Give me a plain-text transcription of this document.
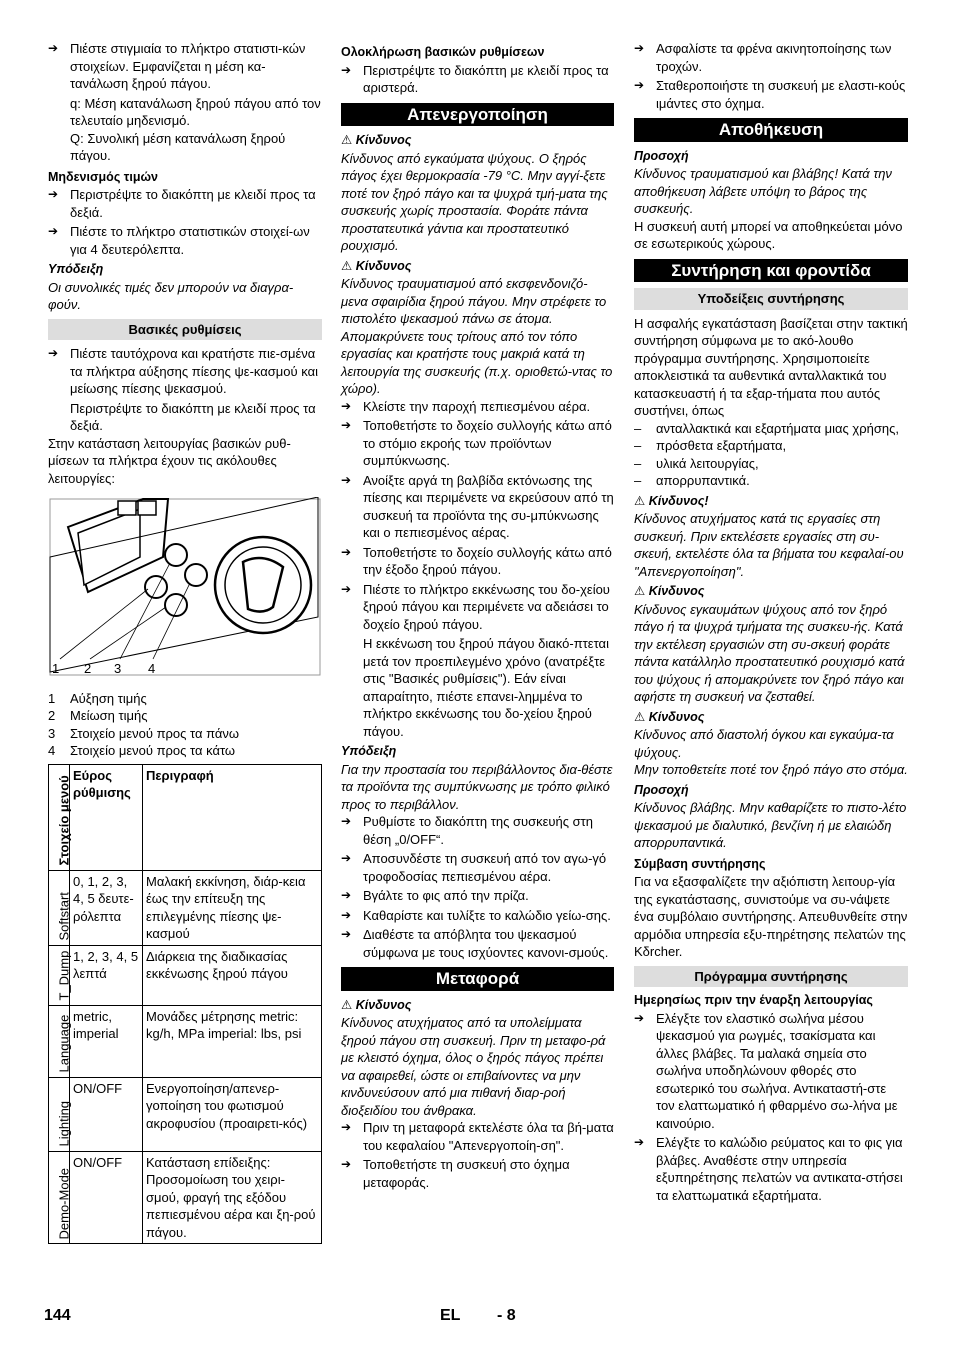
➔ Πιέστε στιγμιαία το πλήκτρο στατιστι-κών στοιχείων. Εμφανίζεται η μέση κα-τανάλωση ξηρού πάγου.

q: Μέση κατανάλωση ξηρού πάγου από τον τελευταίο μηδενισμό.

Q: Συνολική μέση κατανάλωση ξηρού πάγου.

Μηδενισμός τιμών

➔ Περιστρέψτε το διακόπτη με κλειδί προς τα δεξιά.

➔ Πιέστε το πλήκτρο στατιστικών στοιχεί-ων για 4 δευτερόλεπτα.

Υπόδειξη

Οι συνολικές τιμές δεν μπορούν να διαγρα-φούν.

Βασικές ρυθμίσεις
➔ Πιέστε ταυτόχρονα και κρατήστε πιε-σμένα τα πλήκτρα αύξησης πίεσης ψε-κασμού και μείωσης πίεσης ψεκασμού.

Περιστρέψτε το διακόπτη με κλειδί προς τα δεξιά.

Στην κατάσταση λειτουργίας βασικών ρυθ-μίσεων τα πλήκτρα έχουν τις ακόλουθες λειτουργίες:

1 2 3 4
1	Αύξηση τιμής
2	Μείωση τιμής
3	Στοιχείο μενού προς τα πάνω
4	Στοιχείο μενού προς τα κάτω
Στοιχείο μενού	Εύρος ρύθμισης	Περιγραφή

Softstart	0, 1, 2, 3, 4, 5 δευτε-ρόλεπτα	Μαλακή εκκίνηση, διάρ-κεια έως την επίτευξη της επιλεγμένης πίεσης ψε-κασμού

T_Dump	1, 2, 3, 4, 5 λεπτά	Διάρκεια της διαδικασίας εκκένωσης ξηρού πάγου

Language	metric, imperial	Μονάδες μέτρησης metric: kg/h, MPa imperial: lbs, psi

Lighting	ON/OFF	Ενεργοποίηση/απενερ-γοποίηση του φωτισμού ακροφυσίου (προαιρετι-κός)

Demo-Mode	ON/OFF	Κατάσταση επίδειξης: Προσομοίωση του χειρι-σμού, φραγή της εξόδου πεπιεσμένου αέρα και ξη-ρού πάγου.

Ολοκλήρωση βασικών ρυθμίσεων

➔ Περιστρέψτε το διακόπτη με κλειδί προς τα αριστερά.

Απενεργοποίηση

⚠ Κίνδυνος

Κίνδυνος από εγκαύματα ψύχους. Ο ξηρός πάγος έχει θερμοκρασία -79 °C. Μην αγγί-ξετε ποτέ τον ξηρό πάγο και τα ψυχρά τμή-ματα της συσκευής χωρίς προστασία. Φοράτε πάντα προστατευτικά γάντια και προστατευτικό ρουχισμό.

⚠ Κίνδυνος

Κίνδυνος τραυματισμού από εκσφενδονιζό-μενα σφαιρίδια ξηρού πάγου. Μην στρέφετε το πιστολέτο ψεκασμού πάνω σε άτομα. Απομακρύνετε τους τρίτους από τον τόπο εργασίας και κρατήστε τους μακριά κατά τη λειτουργία της συσκευής (π.χ. οριοθετώ-ντας το χώρο).

➔ Κλείστε την παροχή πεπιεσμένου αέρα.

➔ Τοποθετήστε το δοχείο συλλογής κάτω από το στόμιο εκροής των προϊόντων συμπύκνωσης.

➔ Ανοίξτε αργά τη βαλβίδα εκτόνωσης της πίεσης και περιμένετε να εκρεύσουν από τη συσκευή τα προϊόντα της συ-μπύκνωσης και ο πεπιεσμένος αέρας.

➔ Τοποθετήστε το δοχείο συλλογής κάτω από την έξοδο ξηρού πάγου.

➔ Πιέστε το πλήκτρο εκκένωσης του δο-χείου ξηρού πάγου και περιμένετε να αδειάσει το δοχείο ξηρού πάγου.

Η εκκένωση του ξηρού πάγου διακό-πτεται μετά τον προεπιλεγμένο χρόνο (ανατρέξτε στις "Βασικές ρυθμίσεις"). Εάν είναι απαραίτητο, πιέστε επανει-λημμένα το πλήκτρο εκκένωσης του δο-χείου ξηρού πάγου.

Υπόδειξη

Για την προστασία του περιβάλλοντος δια-θέστε τα προϊόντα της συμπύκνωσης με τρόπο φιλικό προς το περιβάλλον.

➔ Ρυθμίστε το διακόπτη της συσκευής στη θέση „0/OFF“.

➔ Αποσυνδέστε τη συσκευή από τον αγω-γό τροφοδοσίας πεπιεσμένου αέρα.

➔ Βγάλτε το φις από την πρίζα.

➔ Καθαρίστε και τυλίξτε το καλώδιο γείω-σης.

➔ Διαθέστε τα απόβλητα του ψεκασμού σύμφωνα με τους ισχύοντες κανονι-σμούς.

Μεταφορά

⚠ Κίνδυνος

Κίνδυνος ατυχήματος από τα υπολείμματα ξηρού πάγου στη συσκευή. Πριν τη μεταφο-ρά με κλειστό όχημα, όλος ο ξηρός πάγος πρέπει να αφαιρεθεί, ώστε οι επιβαίνοντες να μην κινδυνεύσουν από μια πιθανή διαρ-ροή διοξειδίου του άνθρακα.

➔ Πριν τη μεταφορά εκτελέστε όλα τα βή-ματα του κεφαλαίου "Απενεργοποίη-ση".

➔ Τοποθετήστε τη συσκευή στο όχημα μεταφοράς.

➔ Ασφαλίστε τα φρένα ακινητοποίησης των τροχών.

➔ Σταθεροποιήστε τη συσκευή με ελαστι-κούς ιμάντες στο όχημα.

Αποθήκευση

Προσοχή

Κίνδυνος τραυματισμού και βλάβης! Κατά την αποθήκευση λάβετε υπόψη το βάρος της συσκευής.

Η συσκευή αυτή μπορεί να αποθηκεύεται μόνο σε εσωτερικούς χώρους.

Συντήρηση και φροντίδα
Υποδείξεις συντήρησης

Η ασφαλής εγκατάσταση βασίζεται στην τακτική συντήρηση σύμφωνα με το ακό-λουθο πρόγραμμα συντήρησης. Χρησιμοποιείτε αποκλειστικά τα αυθεντικά ανταλλακτικά του κατασκευαστή ή τα εξαρ-τήματα που αυτός συστήνει, όπως

–	ανταλλακτικά και εξαρτήματα μιας χρήσης,
–	πρόσθετα εξαρτήματα,
–	υλικά λειτουργίας,
–	απορρυπαντικά.

⚠ Κίνδυνος!

Κίνδυνος ατυχήματος κατά τις εργασίες στη συσκευή. Πριν εκτελέσετε εργασίες στη συ-σκευή, εκτελέστε όλα τα βήματα του κεφαλαί-ου "Απενεργοποίηση".

⚠ Κίνδυνος

Κίνδυνος εγκαυμάτων ψύχους από τον ξηρό πάγο ή τα ψυχρά τμήματα της συσκευ-ής. Κατά την εκτέλεση εργασιών στη συ-σκευή φοράτε πάντα κατάλληλο προστατευτικό ρουχισμό κατά του ψύχους ή απομακρύνετε τον ξηρό πάγο και αφήστε τη συσκευή να ζεσταθεί.

⚠ Κίνδυνος

Κίνδυνος από διαστολή όγκου και εγκαύμα-τα ψύχους.

Μην τοποθετείτε ποτέ τον ξηρό πάγο στο στόμα.

Προσοχή

Κίνδυνος βλάβης. Μην καθαρίζετε το πιστο-λέτο ψεκασμού με διαλυτικό, βενζίνη ή με ελαιώδη απορρυπαντικά.

Σύμβαση συντήρησης

Για να εξασφαλίζετε την αξιόπιστη λειτουρ-γία της εγκατάστασης, συνιστούμε να συ-νάψετε ένα συμβόλαιο συντήρησης. Απευθυνθείτε στην αρμόδια υπηρεσία εξυ-πηρέτησης πελατών της Kδrcher.

Πρόγραμμα συντήρησης

Ημερησίως πριν την έναρξη λειτουργίας

➔ Ελέγξτε τον ελαστικό σωλήνα μέσου ψεκασμού για ρωγμές, τσακίσματα και άλλες βλάβες. Τα μαλακά σημεία στο σωλήνα υποδηλώνουν φθορές στο εσωτερικό του σωλήνα. Αντικαταστή-στε τον ελαττωματικό ή φθαρμένο σω-λήνα με καινούριο.

➔ Ελέγξτε το καλώδιο ρεύματος και το φις για βλάβες. Αναθέστε στην υπηρεσία εξυπηρέτησης πελατών να αντικατα-στήσει τα ελαττωματικά εξαρτήματα.

144	EL - 8
